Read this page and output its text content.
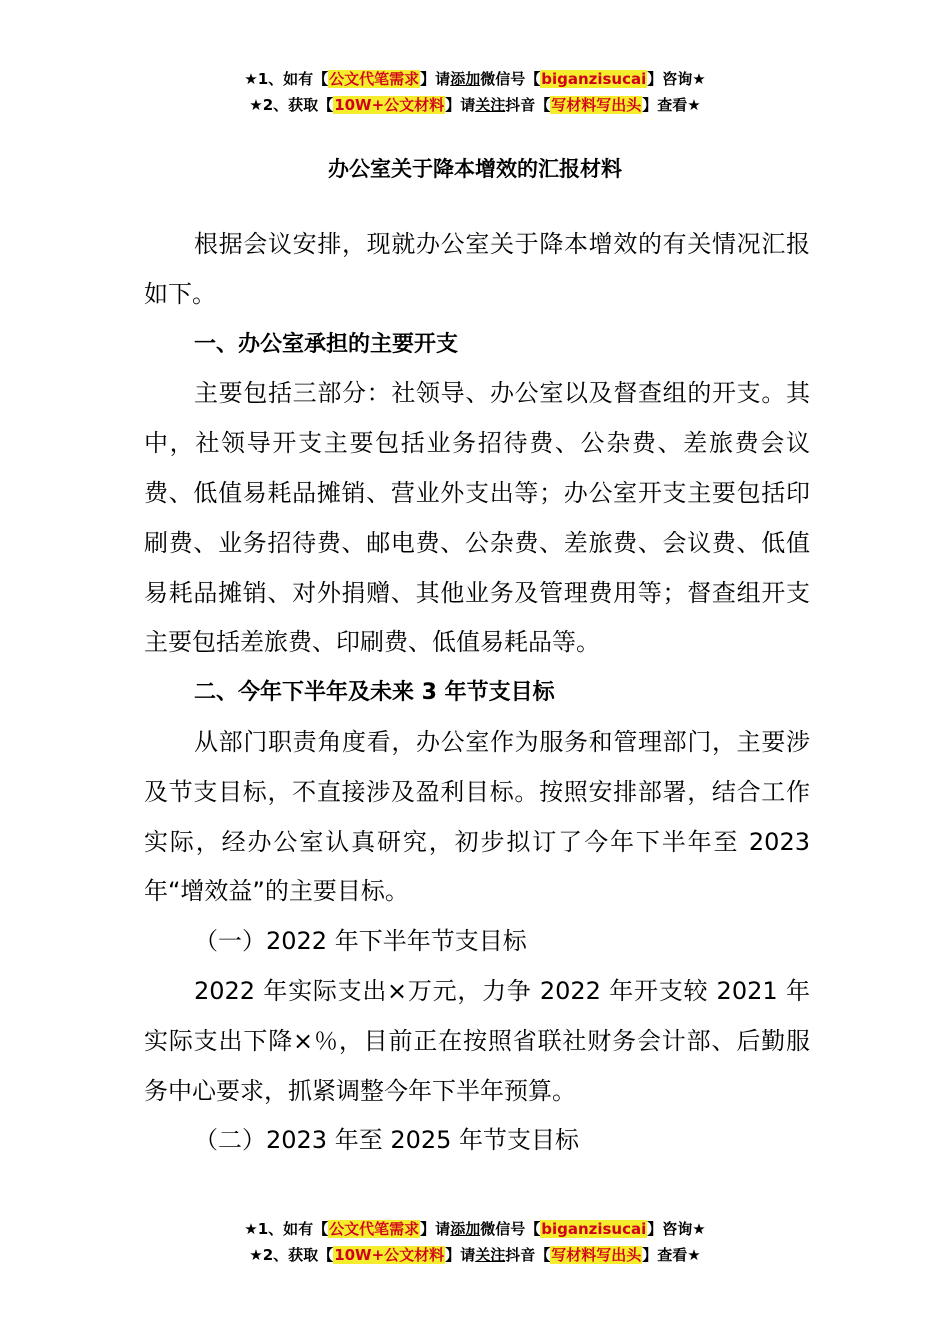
★1、如有【公文代笔需求】请添加微信号【biganzisucai】咨询★
★2、获取【10W+公文材料】请关注抖音【写材料写出头】查看★
办公室关于降本增效的汇报材料

根据会议安排，现就办公室关于降本增效的有关情况汇报如下。

一、办公室承担的主要开支

主要包括三部分：社领导、办公室以及督查组的开支。其中，社领导开支主要包括业务招待费、公杂费、差旅费会议费、低值易耗品摊销、营业外支出等；办公室开支主要包括印刷费、业务招待费、邮电费、公杂费、差旅费、会议费、低值易耗品摊销、对外捐赠、其他业务及管理费用等；督查组开支主要包括差旅费、印刷费、低值易耗品等。

二、今年下半年及未来 3 年节支目标

从部门职责角度看，办公室作为服务和管理部门，主要涉及节支目标，不直接涉及盈利目标。按照安排部署，结合工作实际，经办公室认真研究，初步拟订了今年下半年至 2023 年“增效益”的主要目标。

（一）2022 年下半年节支目标

2022 年实际支出×万元，力争 2022 年开支较 2021 年实际支出下降×％，目前正在按照省联社财务会计部、后勤服务中心要求，抓紧调整今年下半年预算。

（二）2023 年至 2025 年节支目标

★1、如有【公文代笔需求】请添加微信号【biganzisucai】咨询★
★2、获取【10W+公文材料】请关注抖音【写材料写出头】查看★
